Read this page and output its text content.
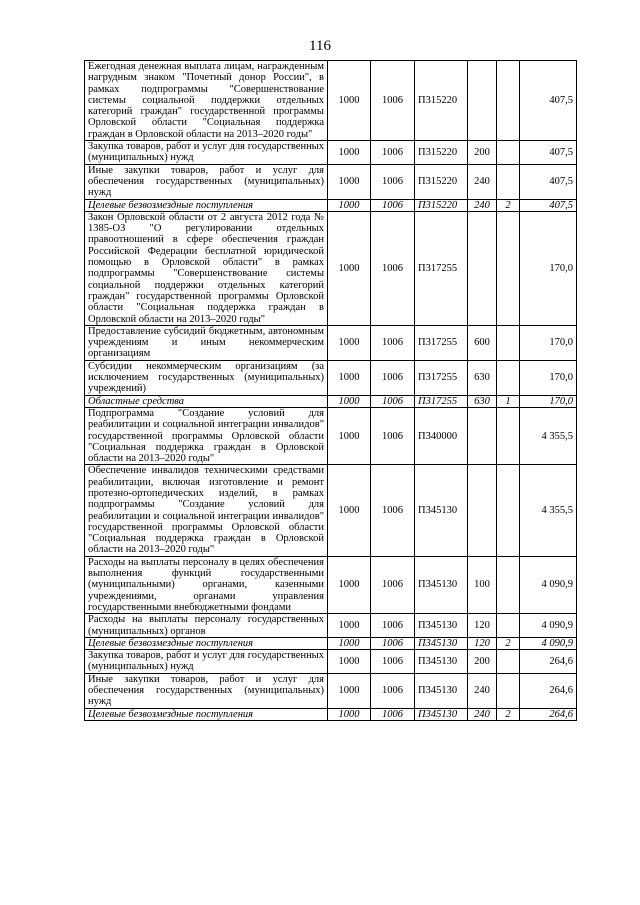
116
Ежегодная денежная выплата лицам, награжденным нагрудным знаком "Почетный донор России", в рамках подпрограммы "Совершенствование системы социальной поддержки отдельных категорий граждан" государственной программы Орловской области "Социальная поддержка граждан в Орловской области на 2013–2020 годы"	1000	1006	П315220			407,5
Закупка товаров, работ и услуг для государственных (муниципальных) нужд	1000	1006	П315220	200		407,5
Иные закупки товаров, работ и услуг для обеспечения государственных (муниципальных) нужд	1000	1006	П315220	240		407,5
Целевые безвозмездные поступления	1000	1006	П315220	240	2	407,5
Закон Орловской области от 2 августа 2012 года № 1385-ОЗ "О регулировании отдельных правоотношений в сфере обеспечения граждан Российской Федерации бесплатной юридической помощью в Орловской области" в рамках подпрограммы "Совершенствование системы социальной поддержки отдельных категорий граждан" государственной программы Орловской области "Социальная поддержка граждан в Орловской области на 2013–2020 годы"	1000	1006	П317255			170,0
Предоставление субсидий бюджетным, автономным учреждениям и иным некоммерческим организациям	1000	1006	П317255	600		170,0
Субсидии некоммерческим организациям (за исключением государственных (муниципальных) учреждений)	1000	1006	П317255	630		170,0
Областные средства	1000	1006	П317255	630	1	170,0
Подпрограмма "Создание условий для реабилитации и социальной интеграции инвалидов" государственной программы Орловской области "Социальная поддержка граждан в Орловской области на 2013–2020 годы"	1000	1006	П340000			4 355,5
Обеспечение инвалидов техническими средствами реабилитации, включая изготовление и ремонт протезно-ортопедических изделий, в рамках подпрограммы "Создание условий для реабилитации и социальной интеграции инвалидов" государственной программы Орловской области "Социальная поддержка граждан в Орловской области на 2013–2020 годы"	1000	1006	П345130			4 355,5
Расходы на выплаты персоналу в целях обеспечения выполнения функций государственными (муниципальными) органами, казенными учреждениями, органами управления государственными внебюджетными фондами	1000	1006	П345130	100		4 090,9
Расходы на выплаты персоналу государственных (муниципальных) органов	1000	1006	П345130	120		4 090,9
Целевые безвозмездные поступления	1000	1006	П345130	120	2	4 090,9
Закупка товаров, работ и услуг для государственных (муниципальных) нужд	1000	1006	П345130	200		264,6
Иные закупки товаров, работ и услуг для обеспечения государственных (муниципальных) нужд	1000	1006	П345130	240		264,6
Целевые безвозмездные поступления	1000	1006	П345130	240	2	264,6
